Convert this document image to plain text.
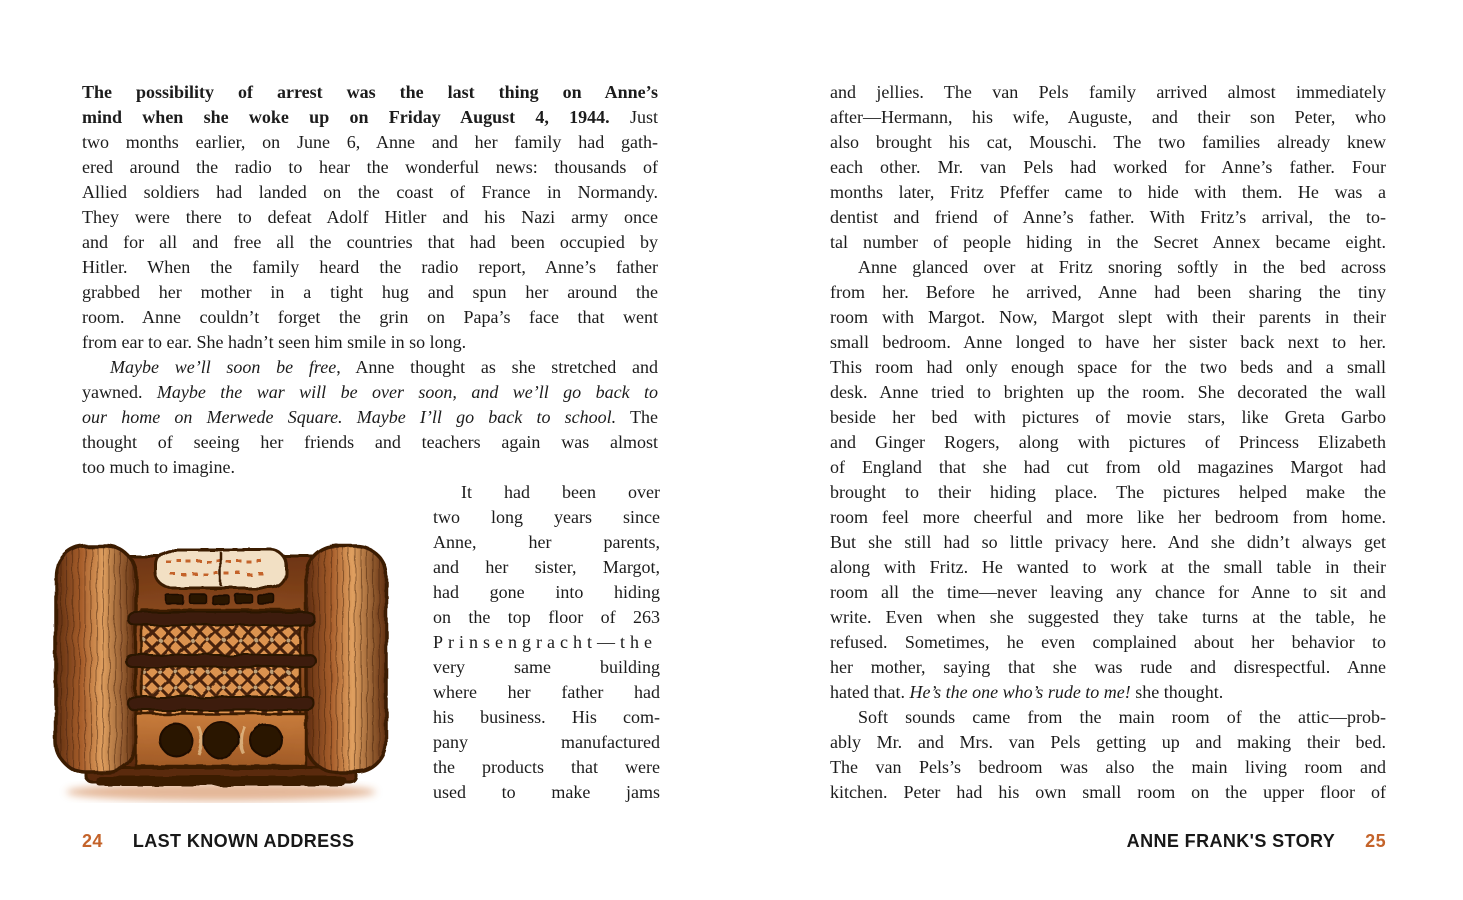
The possibility of arrest was the last thing on Anne’s
mind when she woke up on Friday August 4, 1944. Just
two months earlier, on June 6, Anne and her family had gath-
ered around the radio to hear the wonderful news: thousands of
Allied soldiers had landed on the coast of France in Normandy.
They were there to defeat Adolf Hitler and his Nazi army once
and for all and free all the countries that had been occupied by
Hitler. When the family heard the radio report, Anne’s father
grabbed her mother in a tight hug and spun her around the
room. Anne couldn’t forget the grin on Papa’s face that went
from ear to ear. She hadn’t seen him smile in so long.
Maybe we’ll soon be free, Anne thought as she stretched and
yawned. Maybe the war will be over soon, and we’ll go back to
our home on Merwede Square. Maybe I’ll go back to school. The
thought of seeing her friends and teachers again was almost
too much to imagine.
It had been over
two long years since
Anne, her parents,
and her sister, Margot,
had gone into hiding
on the top floor of 263
Prinsengracht—the
very same building
where her father had
his business. His com-
pany manufactured
the products that were
used to make jams
24 LAST KNOWN ADDRESS
and jellies. The van Pels family arrived almost immediately
after—Hermann, his wife, Auguste, and their son Peter, who
also brought his cat, Mouschi. The two families already knew
each other. Mr. van Pels had worked for Anne’s father. Four
months later, Fritz Pfeffer came to hide with them. He was a
dentist and friend of Anne’s father. With Fritz’s arrival, the to-
tal number of people hiding in the Secret Annex became eight.
Anne glanced over at Fritz snoring softly in the bed across
from her. Before he arrived, Anne had been sharing the tiny
room with Margot. Now, Margot slept with their parents in their
small bedroom. Anne longed to have her sister back next to her.
This room had only enough space for the two beds and a small
desk. Anne tried to brighten up the room. She decorated the wall
beside her bed with pictures of movie stars, like Greta Garbo
and Ginger Rogers, along with pictures of Princess Elizabeth
of England that she had cut from old magazines Margot had
brought to their hiding place. The pictures helped make the
room feel more cheerful and more like her bedroom from home.
But she still had so little privacy here. And she didn’t always get
along with Fritz. He wanted to work at the small table in their
room all the time—never leaving any chance for Anne to sit and
write. Even when she suggested they take turns at the table, he
refused. Sometimes, he even complained about her behavior to
her mother, saying that she was rude and disrespectful. Anne
hated that. He’s the one who’s rude to me! she thought.
Soft sounds came from the main room of the attic—prob-
ably Mr. and Mrs. van Pels getting up and making their bed.
The van Pels’s bedroom was also the main living room and
kitchen. Peter had his own small room on the upper floor of
ANNE FRANK'S STORY 25
